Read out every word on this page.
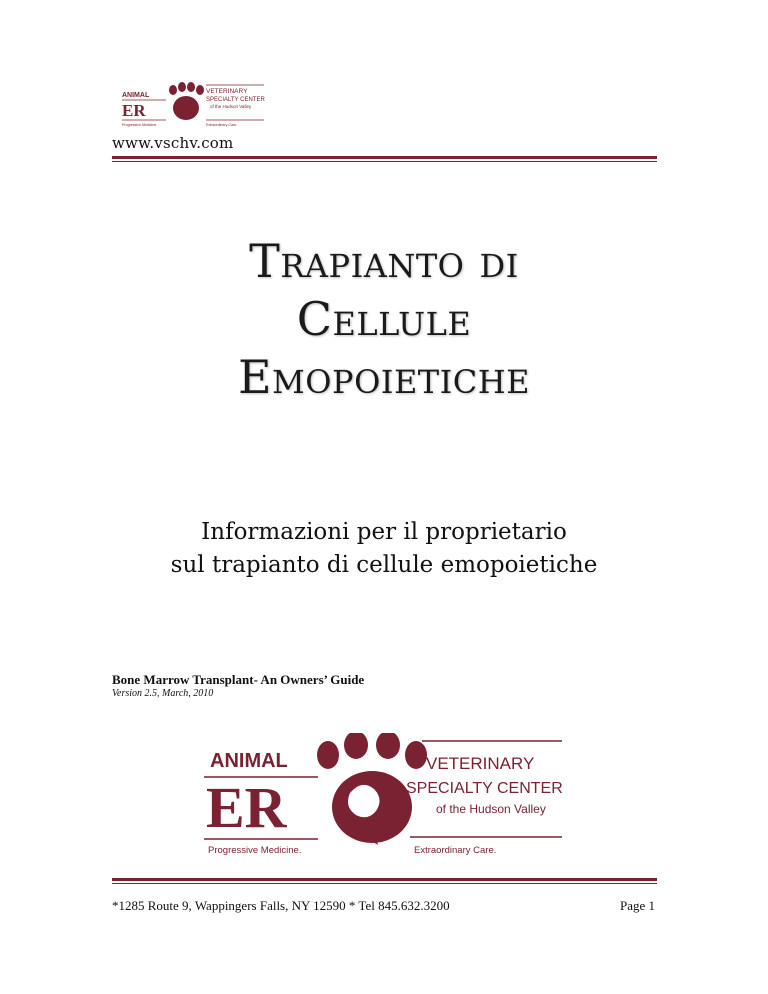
ANIMAL
ER
Progressive Medicine.
VETERINARY
SPECIALTY CENTER
of the Hudson Valley
Extraordinary Care.
www.vschv.com
Trapianto di
Cellule
Emopoietiche
Informazioni per il proprietario
sul trapianto di cellule emopoietiche
Bone Marrow Transplant- An Owners’ Guide
Version 2.5, March, 2010
ANIMAL
ER
Progressive Medicine.
VETERINARY
SPECIALTY CENTER
of the Hudson Valley
Extraordinary Care.
*1285 Route 9, Wappingers Falls, NY 12590 * Tel 845.632.3200	Page 1
